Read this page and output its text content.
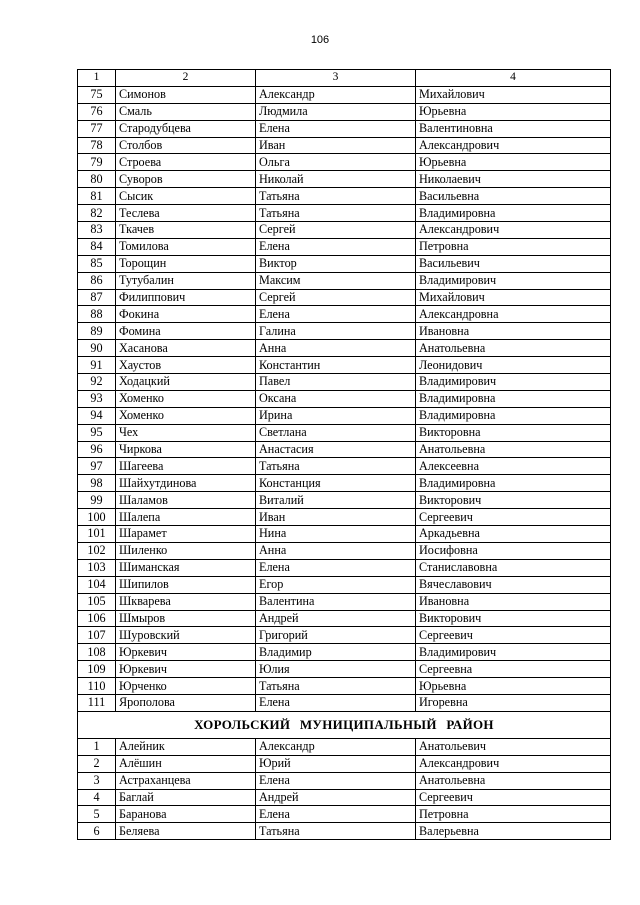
106
1	2	3	4
75	Симонов	Александр	Михайлович
76	Смаль	Людмила	Юрьевна
77	Стародубцева	Елена	Валентиновна
78	Столбов	Иван	Александрович
79	Строева	Ольга	Юрьевна
80	Суворов	Николай	Николаевич
81	Сысик	Татьяна	Васильевна
82	Теслева	Татьяна	Владимировна
83	Ткачев	Сергей	Александрович
84	Томилова	Елена	Петровна
85	Торощин	Виктор	Васильевич
86	Тутубалин	Максим	Владимирович
87	Филиппович	Сергей	Михайлович
88	Фокина	Елена	Александровна
89	Фомина	Галина	Ивановна
90	Хасанова	Анна	Анатольевна
91	Хаустов	Константин	Леонидович
92	Ходацкий	Павел	Владимирович
93	Хоменко	Оксана	Владимировна
94	Хоменко	Ирина	Владимировна
95	Чех	Светлана	Викторовна
96	Чиркова	Анастасия	Анатольевна
97	Шагеева	Татьяна	Алексеевна
98	Шайхутдинова	Констанция	Владимировна
99	Шаламов	Виталий	Викторович
100	Шалепа	Иван	Сергеевич
101	Шарамет	Нина	Аркадьевна
102	Шиленко	Анна	Иосифовна
103	Шиманская	Елена	Станиславовна
104	Шипилов	Егор	Вячеславович
105	Шкварева	Валентина	Ивановна
106	Шмыров	Андрей	Викторович
107	Шуровский	Григорий	Сергеевич
108	Юркевич	Владимир	Владимирович
109	Юркевич	Юлия	Сергеевна
110	Юрченко	Татьяна	Юрьевна
111	Ярополова	Елена	Игоревна
ХОРОЛЬСКИЙ МУНИЦИПАЛЬНЫЙ РАЙОН			
1	Алейник	Александр	Анатольевич
2	Алёшин	Юрий	Александрович
3	Астраханцева	Елена	Анатольевна
4	Баглай	Андрей	Сергеевич
5	Баранова	Елена	Петровна
6	Беляева	Татьяна	Валерьевна
